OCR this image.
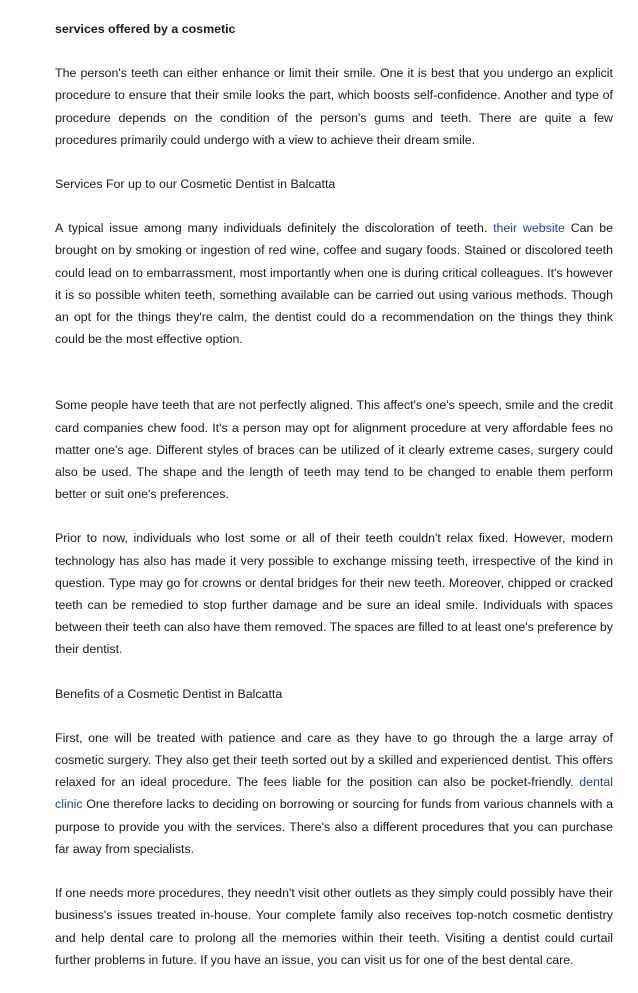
services offered by a cosmetic

The person's teeth can either enhance or limit their smile. One it is best that you undergo an explicit procedure to ensure that their smile looks the part, which boosts self-confidence. Another and type of procedure depends on the condition of the person's gums and teeth. There are quite a few procedures primarily could undergo with a view to achieve their dream smile.

Services For up to our Cosmetic Dentist in Balcatta

A typical issue among many individuals definitely the discoloration of teeth. their website Can be brought on by smoking or ingestion of red wine, coffee and sugary foods. Stained or discolored teeth could lead on to embarrassment, most importantly when one is during critical colleagues. It's however it is so possible whiten teeth, something available can be carried out using various methods. Though an opt for the things they're calm, the dentist could do a recommendation on the things they think could be the most effective option.

Some people have teeth that are not perfectly aligned. This affect's one's speech, smile and the credit card companies chew food. It's a person may opt for alignment procedure at very affordable fees no matter one's age. Different styles of braces can be utilized of it clearly extreme cases, surgery could also be used. The shape and the length of teeth may tend to be changed to enable them perform better or suit one's preferences.

Prior to now, individuals who lost some or all of their teeth couldn't relax fixed. However, modern technology has also has made it very possible to exchange missing teeth, irrespective of the kind in question. Type may go for crowns or dental bridges for their new teeth. Moreover, chipped or cracked teeth can be remedied to stop further damage and be sure an ideal smile. Individuals with spaces between their teeth can also have them removed. The spaces are filled to at least one's preference by their dentist.

Benefits of a Cosmetic Dentist in Balcatta

First, one will be treated with patience and care as they have to go through the a large array of cosmetic surgery. They also get their teeth sorted out by a skilled and experienced dentist. This offers relaxed for an ideal procedure. The fees liable for the position can also be pocket-friendly. dental clinic One therefore lacks to deciding on borrowing or sourcing for funds from various channels with a purpose to provide you with the services. There's also a different procedures that you can purchase far away from specialists.

If one needs more procedures, they needn't visit other outlets as they simply could possibly have their business's issues treated in-house. Your complete family also receives top-notch cosmetic dentistry and help dental care to prolong all the memories within their teeth. Visiting a dentist could curtail further problems in future. If you have an issue, you can visit us for one of the best dental care.
